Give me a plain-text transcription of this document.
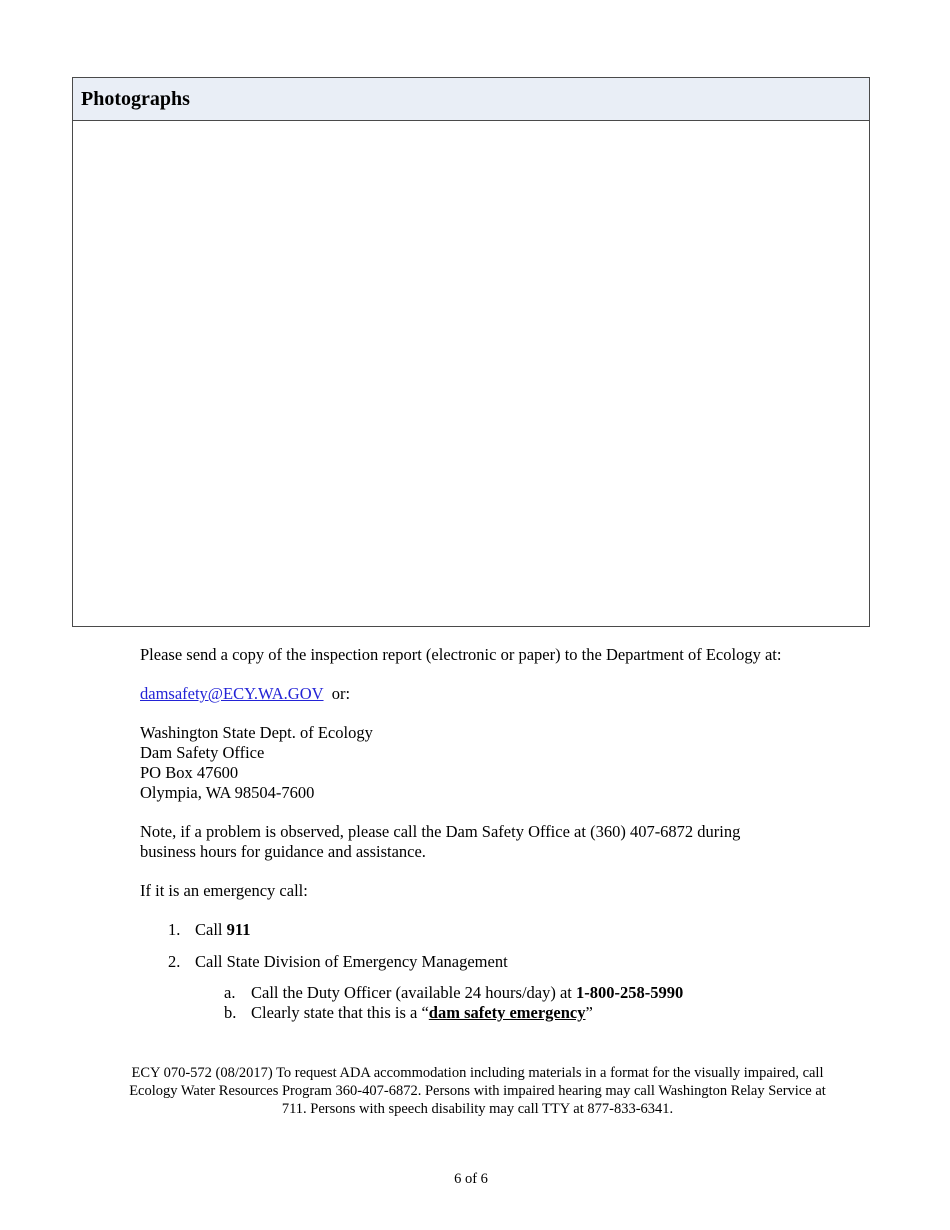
Photographs

Please send a copy of the inspection report (electronic or paper) to the Department of Ecology at:

damsafety@ECY.WA.GOV or:

Washington State Dept. of Ecology
Dam Safety Office
PO Box 47600
Olympia, WA 98504-7600

Note, if a problem is observed, please call the Dam Safety Office at (360) 407-6872 during
business hours for guidance and assistance.

If it is an emergency call:

1. Call 911
2. Call State Division of Emergency Management
a. Call the Duty Officer (available 24 hours/day) at 1-800-258-5990
b. Clearly state that this is a “dam safety emergency”
ECY 070-572 (08/2017) To request ADA accommodation including materials in a format for the visually impaired, call
Ecology Water Resources Program 360-407-6872. Persons with impaired hearing may call Washington Relay Service at
711. Persons with speech disability may call TTY at 877-833-6341.
6 of 6
